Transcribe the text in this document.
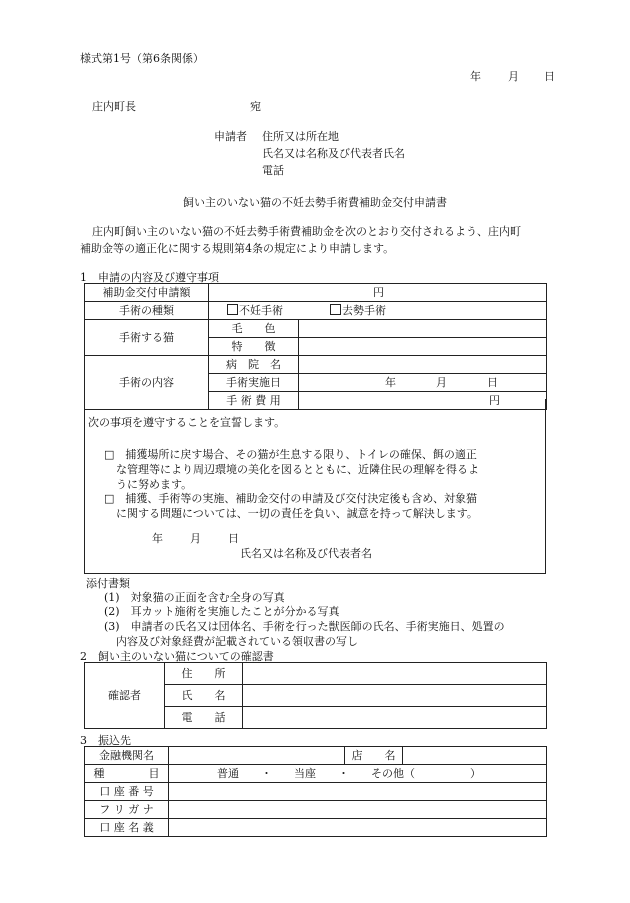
様式第1号（第6条関係）
年 月 日
庄内町長	宛
申請者 住所又は所在地
氏名又は名称及び代表者氏名
電話
飼い主のいない猫の不妊去勢手術費補助金交付申請書
庄内町飼い主のいない猫の不妊去勢手術費補助金を次のとおり交付されるよう、庄内町
補助金等の適正化に関する規則第4条の規定により申請します。
1　申請の内容及び遵守事項
補助金交付申請額	円	
手術の種類	不妊手術 去勢手術	
手術する猫	毛　　色	
	特　　徴	
手術の内容	病　院　名	
	手術実施日	年 月 日
	手 術 費 用	円
次の事項を遵守することを宣誓します。
□　捕獲場所に戻す場合、その猫が生息する限り、トイレの確保、餌の適正
な管理等により周辺環境の美化を図るとともに、近隣住民の理解を得るよ
うに努めます。
□　捕獲、手術等の実施、補助金交付の申請及び交付決定後も含め、対象猫
に関する問題については、一切の責任を負い、誠意を持って解決します。
年 月 日
氏名又は名称及び代表者名
添付書類
(1)　対象猫の正面を含む全身の写真
(2)　耳カット施術を実施したことが分かる写真
(3)　申請者の氏名又は団体名、手術を行った獣医師の氏名、手術実施日、処置の
内容及び対象経費が記載されている領収書の写し
2　飼い主のいない猫についての確認書
確認者	住　　所	
	氏　　名	
	電　　話	
3　振込先
金融機関名		店　　名	
種　　　　目	普通　　・　　当座　　・　　その他（　　　　　）		
口 座 番 号			
フ リ ガ ナ			
口 座 名 義			
